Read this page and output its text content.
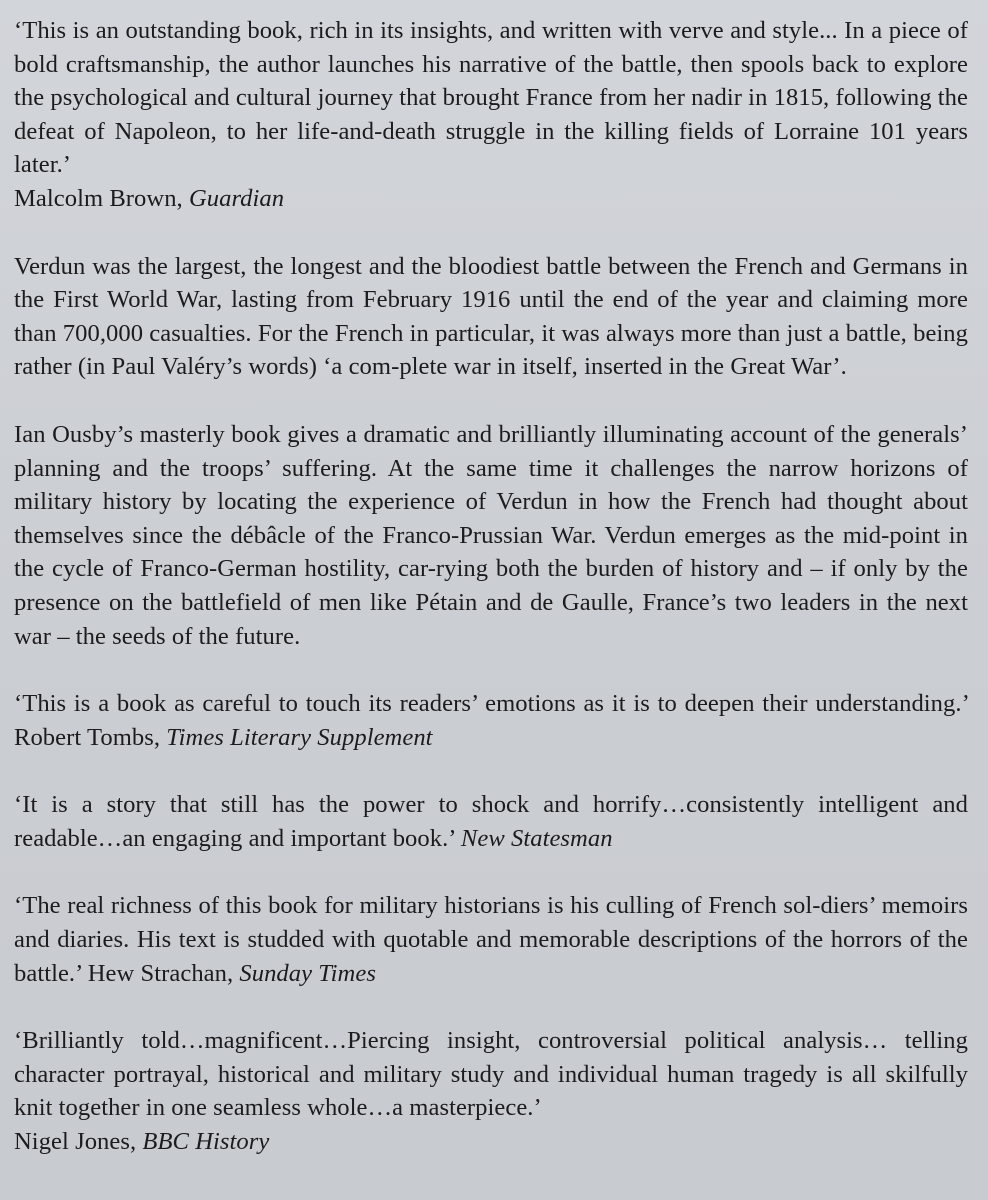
‘This is an outstanding book, rich in its insights, and written with verve and style... In a piece of bold craftsmanship, the author launches his narrative of the battle, then spools back to explore the psychological and cultural journey that brought France from her nadir in 1815, following the defeat of Napoleon, to her life-and-death struggle in the killing fields of Lorraine 101 years later.’
Malcolm Brown, Guardian

Verdun was the largest, the longest and the bloodiest battle between the French and Germans in the First World War, lasting from February 1916 until the end of the year and claiming more than 700,000 casualties. For the French in particular, it was always more than just a battle, being rather (in Paul Valéry’s words) ‘a com-plete war in itself, inserted in the Great War’.

Ian Ousby’s masterly book gives a dramatic and brilliantly illuminating account of the generals’ planning and the troops’ suffering. At the same time it challenges the narrow horizons of military history by locating the experience of Verdun in how the French had thought about themselves since the débâcle of the Franco-Prussian War. Verdun emerges as the mid-point in the cycle of Franco-German hostility, car-rying both the burden of history and – if only by the presence on the battlefield of men like Pétain and de Gaulle, France’s two leaders in the next war – the seeds of the future.

‘This is a book as careful to touch its readers’ emotions as it is to deepen their understanding.’ Robert Tombs, Times Literary Supplement

‘It is a story that still has the power to shock and horrify…consistently intelligent and readable…an engaging and important book.’ New Statesman

‘The real richness of this book for military historians is his culling of French sol-diers’ memoirs and diaries. His text is studded with quotable and memorable descriptions of the horrors of the battle.’ Hew Strachan, Sunday Times

‘Brilliantly told…magnificent…Piercing insight, controversial political analysis… telling character portrayal, historical and military study and individual human tragedy is all skilfully knit together in one seamless whole…a masterpiece.’
Nigel Jones, BBC History
